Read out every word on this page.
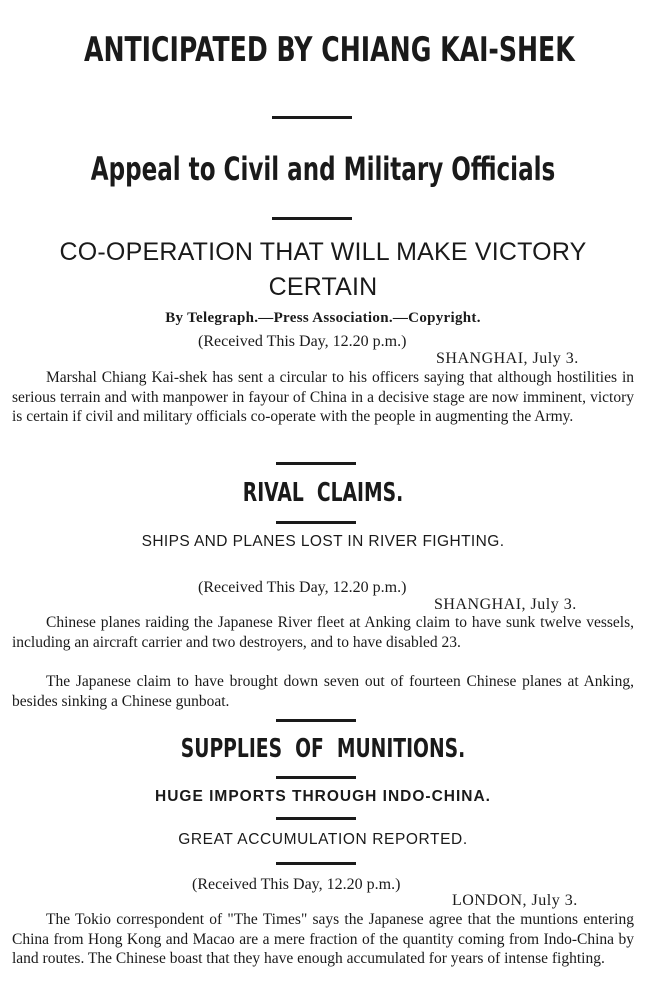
ANTICIPATED BY CHIANG KAI-SHEK
Appeal to Civil and Military Officials
CO-OPERATION THAT WILL MAKE VICTORY
CERTAIN
By Telegraph.—Press Association.—Copyright.
(Received This Day, 12.20 p.m.)
SHANGHAI, July 3.

Marshal Chiang Kai-shek has sent a circular to his officers saying that although hostilities in serious terrain and with manpower in fayour of China in a decisive stage are now imminent, victory is certain if civil and military officials co-operate with the people in augmenting the Army.

RIVAL  CLAIMS.
SHIPS AND PLANES LOST IN RIVER FIGHTING.
(Received This Day, 12.20 p.m.)
SHANGHAI, July 3.

Chinese planes raiding the Japanese River fleet at Anking claim to have sunk twelve vessels, including an aircraft carrier and two destroyers, and to have disabled 23.

The Japanese claim to have brought down seven out of fourteen Chinese planes at Anking, besides sinking a Chinese gunboat.

SUPPLIES  OF  MUNITIONS.
HUGE IMPORTS THROUGH INDO-CHINA.
GREAT ACCUMULATION REPORTED.
(Received This Day, 12.20 p.m.)
LONDON, July 3.

The Tokio correspondent of "The Times" says the Japanese agree that the muntions entering China from Hong Kong and Macao are a mere fraction of the quantity coming from Indo-China by land routes. The Chinese boast that they have enough accumulated for years of intense fighting.
